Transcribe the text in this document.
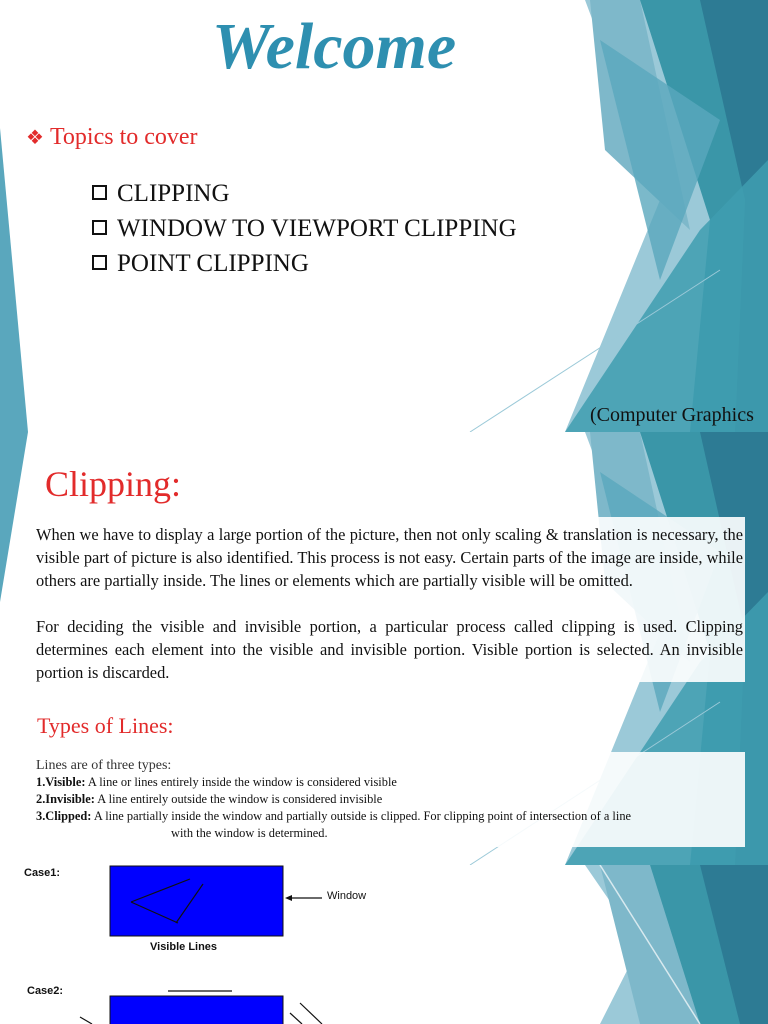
Welcome
❖ Topics to cover
CLIPPING
WINDOW TO VIEWPORT CLIPPING
POINT CLIPPING
(Computer Graphics
Clipping:

When we have to display a large portion of the picture, then not only scaling & translation is necessary, the visible part of picture is also identified. This process is not easy. Certain parts of the image are inside, while others are partially inside. The lines or elements which are partially visible will be omitted.

For deciding the visible and invisible portion, a particular process called clipping is used. Clipping determines each element into the visible and invisible portion. Visible portion is selected. An invisible portion is discarded.

Types of Lines:
Lines are of three types:
1.Visible: A line or lines entirely inside the window is considered visible
2.Invisible: A line entirely outside the window is considered invisible
3.Clipped: A line partially inside the window and partially outside is clipped. For clipping point of intersection of a line
with the window is determined.
Case1:
Window
Visible Lines
Case2:
